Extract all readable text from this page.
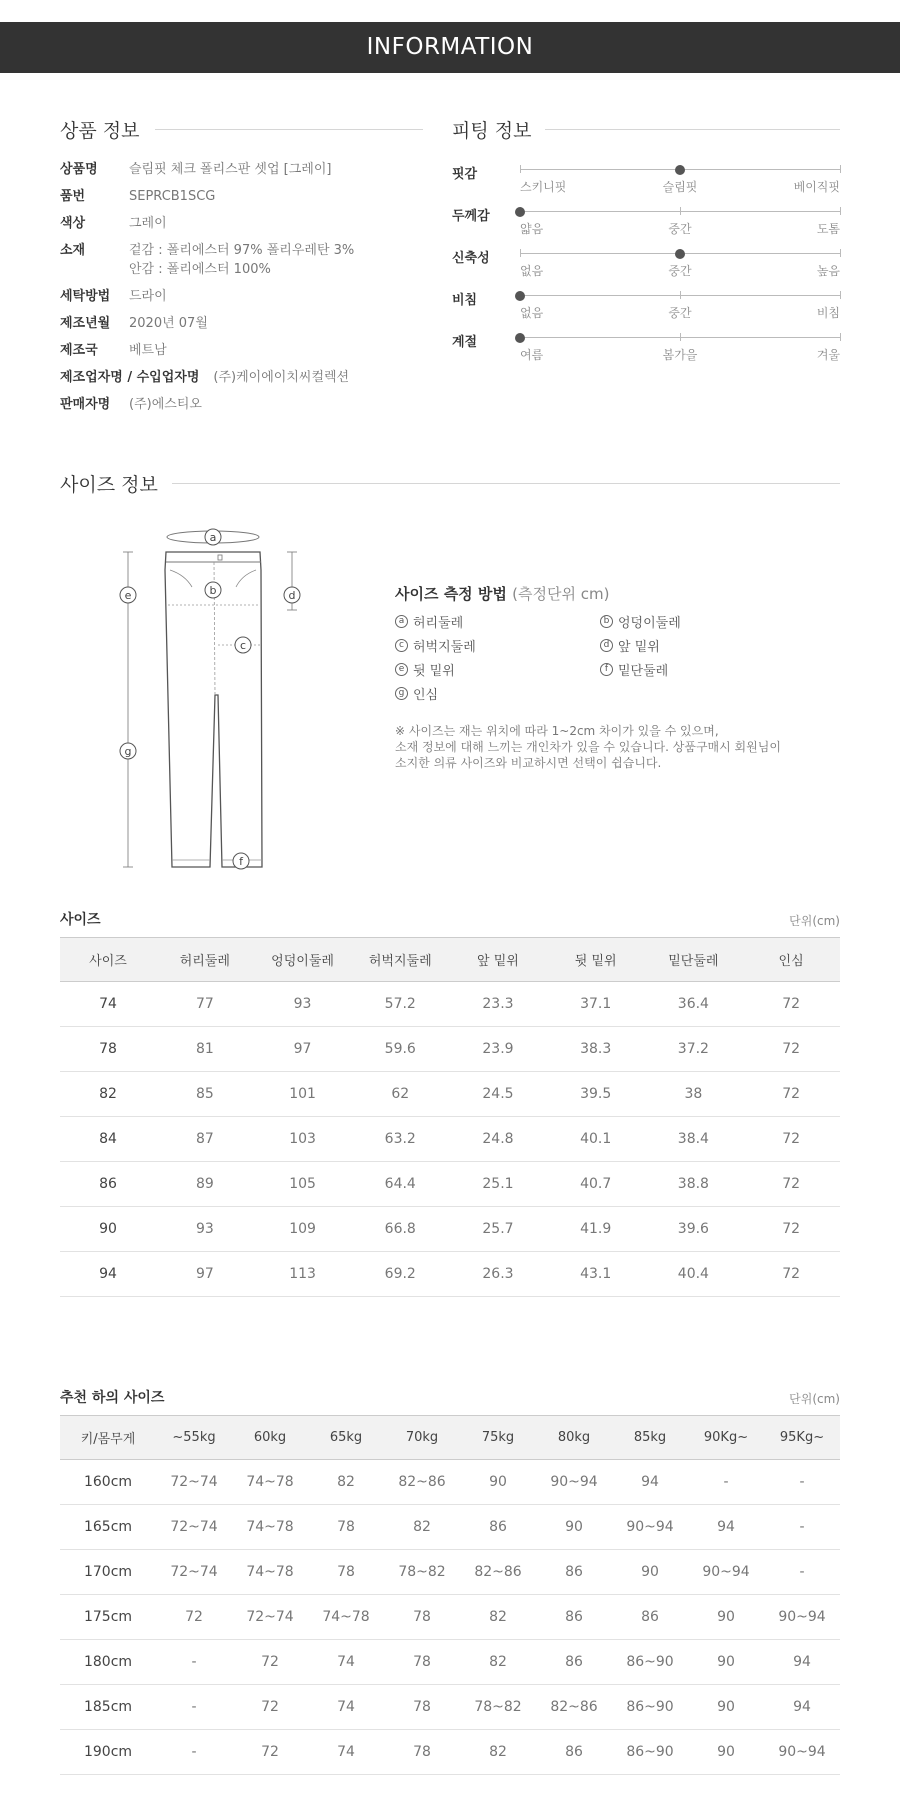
INFORMATION
상품 정보
상품명	슬림핏 체크 폴리스판 셋업 [그레이]
품번	SEPRCB1SCG
색상	그레이
소재	겉감 : 폴리에스터 97% 폴리우레탄 3%
안감 : 폴리에스터 100%
세탁방법	드라이
제조년월	2020년 07월
제조국	베트남
제조업자명 / 수입업자명 (주)케이에이치씨컬렉션
판매자명	(주)에스티오
피팅 정보
핏감
스키니핏	슬림핏	베이직핏
두께감
얇음	중간	도톰
신축성
없음	중간	높음
비침
없음	중간	비침
계절
여름	봄가을	겨울
사이즈 정보
a
b
c
d
e
f
g
사이즈 측정 방법 (측정단위 cm)
a 허리둘레	b 엉덩이둘레
c 허벅지둘레	d 앞 밑위
e 뒷 밑위	f 밑단둘레
g 인심
※ 사이즈는 재는 위치에 따라 1~2cm 차이가 있을 수 있으며,
소재 정보에 대해 느끼는 개인차가 있을 수 있습니다. 상품구매시 회원님이
소지한 의류 사이즈와 비교하시면 선택이 쉽습니다.
사이즈	단위(cm)
사이즈	허리둘레	엉덩이둘레	허벅지둘레	앞 밑위	뒷 밑위	밑단둘레	인심
74	77	93	57.2	23.3	37.1	36.4	72
78	81	97	59.6	23.9	38.3	37.2	72
82	85	101	62	24.5	39.5	38	72
84	87	103	63.2	24.8	40.1	38.4	72
86	89	105	64.4	25.1	40.7	38.8	72
90	93	109	66.8	25.7	41.9	39.6	72
94	97	113	69.2	26.3	43.1	40.4	72
추천 하의 사이즈	단위(cm)
키/몸무게	~55kg	60kg	65kg	70kg	75kg	80kg	85kg	90Kg~	95Kg~
160cm	72~74	74~78	82	82~86	90	90~94	94	-	-
165cm	72~74	74~78	78	82	86	90	90~94	94	-
170cm	72~74	74~78	78	78~82	82~86	86	90	90~94	-
175cm	72	72~74	74~78	78	82	86	86	90	90~94
180cm	-	72	74	78	82	86	86~90	90	94
185cm	-	72	74	78	78~82	82~86	86~90	90	94
190cm	-	72	74	78	82	86	86~90	90	90~94
